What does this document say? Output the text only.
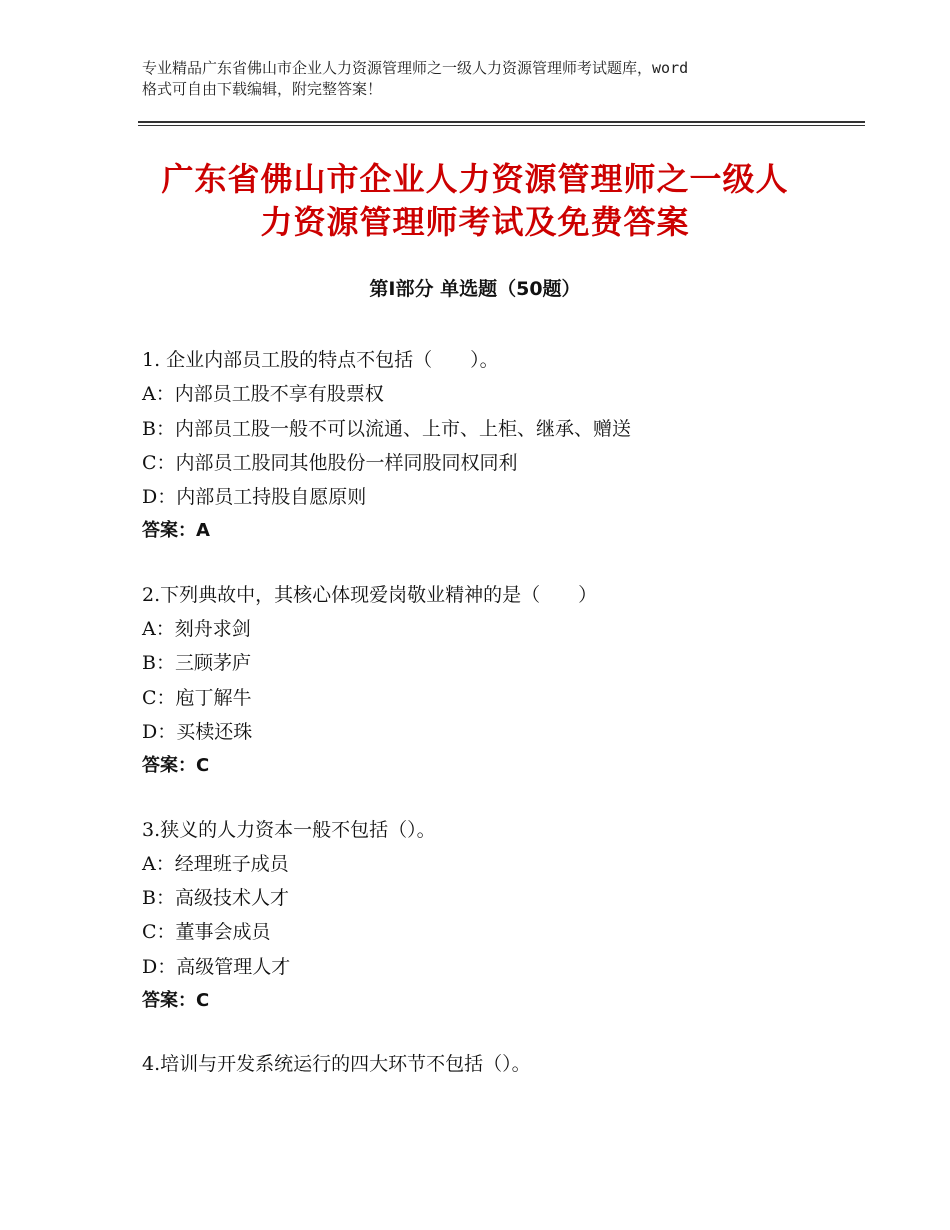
专业精品广东省佛山市企业人力资源管理师之一级人力资源管理师考试题库，word
格式可自由下载编辑，附完整答案！
广东省佛山市企业人力资源管理师之一级人
力资源管理师考试及免费答案
第Ⅰ部分 单选题（50题）
1. 企业内部员工股的特点不包括（　　）。
A：内部员工股不享有股票权
B：内部员工股一般不可以流通、上市、上柜、继承、赠送
C：内部员工股同其他股份一样同股同权同利
D：内部员工持股自愿原则
答案：A
2.下列典故中，其核心体现爱岗敬业精神的是（　　）
A：刻舟求剑
B：三顾茅庐
C：庖丁解牛
D：买椟还珠
答案：C
3.狭义的人力资本一般不包括（）。
A：经理班子成员
B：高级技术人才
C：董事会成员
D：高级管理人才
答案：C
4.培训与开发系统运行的四大环节不包括（）。
